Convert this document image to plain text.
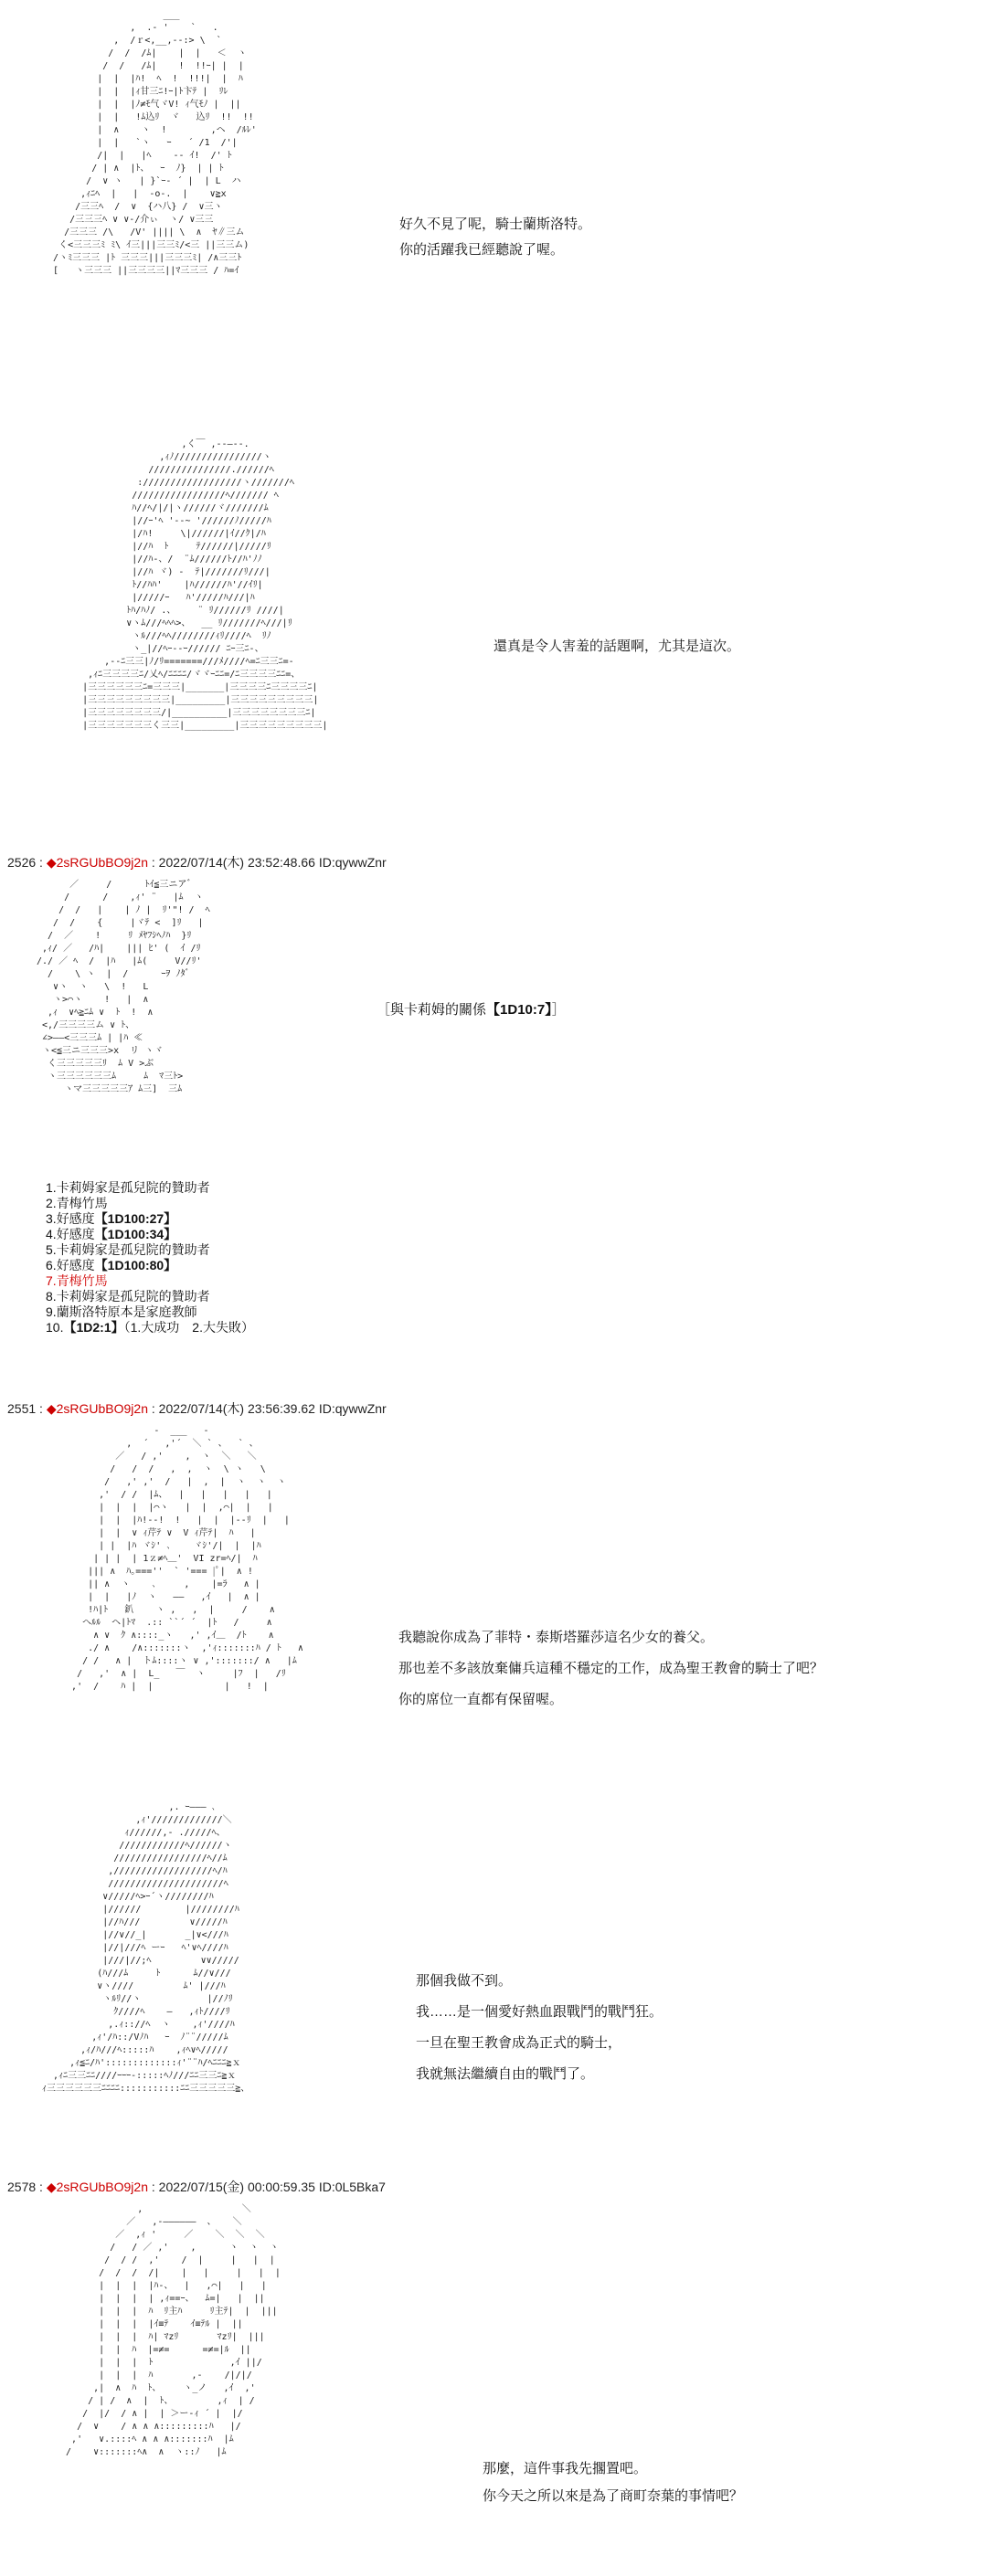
___
,  .- '    `   .
,  /ｒ<,__,--:> \  `
/  /  /ﾑ|    |  |   ＜  ヽ
/  /   /ﾑ|    !  !!ｰ| |  |
|  |  |ﾊ!  ﾍ  !  !!!|  |  ﾊ
|  |  |ｨ甘三ﾆ!ｰ|ﾄ卞ﾃ |  ﾘﾚ
|  |  |ﾉ≠ﾓ气ヾV! ｨ气ﾓﾉ |  ||
|  |   !ﾑ込ﾘ  ヾ   込ﾘ  !!  !!
|  ∧    ヽ  !        ,ヘ  /ﾙﾚ'
|  |   `ヽ   ｰ   ´ /1  /'|
/|  |   |ﾍ    -- ｲ!  /' ﾄ
/ | ∧  |ﾄ、  ｰ  ﾉ}  | | ﾄ
/  ∨ ヽ   | }`ｰ- ´ |  | L  ハ
,ｨﾆﾍ  |   |  -o-.  |    ∨≧x
/三三ﾍ  /  ∨  {ハ八} /  ∨三ヽ
/三三三ﾍ ∨ ∨-/介ぃ  ヽ/ ∨三三
/三三三 /\   /V' |||| \  ∧  ﾔ∥三ム
く<三三三ﾐ ﾐ\ ｲ三|||三三ﾐ/<三 ||三三ム)
/ヽﾐ三三三 |ﾄ 三三三|||三三三ﾐ| /∧三三ﾄ
[   ヽ三三三 ||三三三三||ﾏ三三三 / ﾊ=ｲ

好久不見了呢，騎士蘭斯洛特。

你的活躍我已經聽說了喔。

,く￣ ,--―--.
,ｨﾉ////////////////ヽ
///////////////.//////ﾍ
://////////////////ヽ///////ﾍ
/////////////////ﾍ/////// ﾍ
ﾊ//ﾍ/|/|ヽ//////ヾ///////ﾑ
|//ｰ'ﾍ '--~ '//////ﾉ/////ﾊ
|/ﾊ!     \|//////|ｲ//ｸ|/ﾊ
|//ﾊ  ﾄ     ﾃ//////|/////ﾘ
|//ﾊ-、/  ¨ﾑ//////ﾄ//ﾊ'ﾉﾉ
|//ﾊ ヾ) ‐  ﾃ|///////ﾘ///|
ﾄ//ﾊﾊ'    |ﾊ//////ﾊ'//ｲﾘ|
|/////ｰ   ﾊ'/////ﾊ///|ﾊ
ﾄﾊ/ﾊﾉ/ .、    ¨ ﾘ//////ﾘ ////|
∨ヽﾑ///ﾍﾍﾍ>、  __ ﾘ///////ﾍ///|ﾘ
ヽﾙ///ﾍﾍ////////ｨﾘ////ﾍ  ﾘﾉ
ヽ_|//ﾍｰ--ｰ////// ﾆｰ三ﾆ-、
,--ﾆ三三|ﾉ/ﾘ=======///ﾒ////ﾍ=ﾆ三三ﾆ=-
,ｨﾆ三三三三ﾆ/乂ﾍ/ﾆﾆﾆﾆ/ヾヾｰﾆﾆ=/ﾆ三三三三ﾆﾆ=、
|三三三三三三ﾆ=三三三|_______|三三三三ﾆ三三三三ﾆ|
|三三三三三三三三三|_________|三三三三三三三三三|
|三三三三三三三三/|__________|三三三三三三三三ﾆ|
|三三三三三三三く三三|_________|三三三三三三三三三|

還真是令人害羞的話題啊，尤其是這次。

2526 : ◆2sRGUbBO9j2n : 2022/07/14(木) 23:52:48.66 ID:qywwZnr
／     /      ﾄｲ≦三ニア゛
/      /    ,ｨ' ¨   |ﾑ  ヽ
/  /   |    | ﾉ |  ﾘ'"! /  ﾍ
/  /    {     |ヾﾃ <  ]ﾘ   |
/  ／    !     ﾘ ﾒﾔﾌｼﾍﾉﾊ  }ﾘ
,ｨ/ ／   /ﾊ|    ||| ﾋ' (  ｲ /ﾘ
/./ ／ ﾍ  /  |ﾊ   |ﾑ(     V//ﾘ'
/    \ ヽ  |  /      ｰｦ ﾉﾀﾞ
∨ヽ  ヽ   \  !   L
ヽ>⌒ヽ    !   |  ∧
,ｨ  ∨ﾍ≧ﾆﾑ ∨  ﾄ  !  ∧
<,/三三三三ム ∨ ﾄ、
∠>――<三三三ﾑ | |ﾊ ≪
ヽ<≦三ニ三三三>x  リ ヽヾ
く三三三三三ﾘ  ﾑ V >ぶ
ヽ三三三三三三ﾑ     ﾑ  ﾏ三ﾄ>
ヽマ三三三三三ｱ ﾑ三]  三ﾑ
［與卡莉姆的關係【1D10:7】］

1.卡莉姆家是孤兒院的贊助者

2.青梅竹馬

3.好感度【1D100:27】

4.好感度【1D100:34】

5.卡莉姆家是孤兒院的贊助者

6.好感度【1D100:80】

7.青梅竹馬

8.卡莉姆家是孤兒院的贊助者

9.蘭斯洛特原本是家庭教師

10.【1D2:1】（1.大成功　2.大失敗）

2551 : ◆2sRGUbBO9j2n : 2022/07/14(木) 23:56:39.62 ID:qywwZnr
-  ___   -
,  ´   ,'´  ＼ ` 、  ` 、
／   / ,'    ,  ヽ  ＼   ＼
/   /  /   ,  ,  ヽ  \ ヽ   \
/   ,' ,'  /   |  ,  |  ヽ  ヽ  ヽ
,'  / /  |ﾑ、  |   |   |   |   |
|  |  |  |⌒ヽ   |  |  ,⌒|  |   |
|  |  |ﾊ!--!  !   |  |  |--ﾘ  |   |
|  |  ∨ ｨ芹ﾃ ∨  V ｨ芹ﾃ|  ﾊ   |
| |  |ﾊ ヾｼ' ､    ヾｼ'/|  |  |ﾊ
| | |  | 1ｚ≠ﾍ＿'  VI zr=ﾍ/|  ﾊ
||| ∧  ﾊ｡===''  ` '=== |ﾟ|  ∧ !
|| ∧  ヽ    ､     ,    |=ﾗ   ∧ |
|  |   |ﾉ  ヽ   ――   ,ｲ   |  ∧ |
!ﾊ|ﾄ   釟    ヽ ,   ,  |     /    ∧
へﾙﾙ  ヘ|ﾄﾏ  .:: ``´ ´  |ﾄ   /     ∧
∧ ∨  ｸ ∧::::_ヽ   ,' ,ｲ＿  /ﾄ    ∧
./ ∧    /∧:::::::ヽ  ,'ｨ:::::::ﾊ / ﾄ   ∧
/ /   ∧ |  トﾑ::::ヽ ∨ ,':::::::/ ∧   |ﾑ
/   ,'  ∧ |  L_   ￣  ヽ     |ﾌ  |   /ﾘ
,'  /    ﾊ |  |             |   !  |

我聽說你成為了菲特・泰斯塔羅莎這名少女的養父。

那也差不多該放棄傭兵這種不穩定的工作，成為聖王教會的騎士了吧？

你的席位一直都有保留喔。

,. ｰ――― ､
,ｨ'/////////////＼
ｨ//////,‐ ./////ﾍ、
////////////ﾍ//////ヽ
/////////////////ﾍ//ﾑ
,//////////////////ﾍ/ﾊ
/////////////////////ﾍ
∨/////ﾍ>ｰ´ヽ////////ﾊ
|//////        |////////ﾊ
|//ﾊ///         ∨/////ﾊ
|//∨//_|       _|∨<///ﾊ
|//|///ﾍ ーｰ   ﾍ'∨ﾍ////ﾊ
|///|//;ﾍ         ∨∨/////
(ﾊ///ﾑ     ﾄ      ﾑ//∨///
∨ヽ////         ﾑ' |///ﾊ
ヽﾙﾘ//ヽ            |//ﾉﾘ
ｸ////ﾍ    ―   ,ｨﾄ////ﾘ
,.ｨ:://ﾍ  ヽ    ,ｨ'////ﾊ
,ｨ'/ﾊ::/Vﾉﾊ   ｰ  ﾉ¨¨/////ﾑ
,ｨ/ﾊ///ﾍ:::::ﾊ    ,ｨﾍ∨ﾍ/////
,ｨ≦ﾆ/ﾊ':::::::::::::ｨ'¨¨ﾊ/ﾍﾆﾆﾆ≧ｘ
,ｨﾆ三三ﾆﾆ////ｰｰｰ-:::::ﾍﾉ///ﾆﾆ三三ﾆ≧ｘ
ｨ三三三三三三ﾆﾆﾆﾆ:::::::::::ﾆﾆ三三三三三≧、

那個我做不到。

我……是一個愛好熱血跟戰鬥的戰鬥狂。

一旦在聖王教會成為正式的騎士，

我就無法繼續自由的戰鬥了。

2578 : ◆2sRGUbBO9j2n : 2022/07/15(金) 00:00:59.35 ID:0L5Bka7
,                  ＼
／   ,-――――――  、   ＼
／  ,ｨ '     ／    ＼  ＼  ＼
/   / ／ ,'    ,      ヽ  ヽ  ヽ
/  / /  ,'    /  |     |   |  |
/  /  /  /|    |   |     |   |  |
|  |  |  |ﾊ-、  |   ,⌒|   |   |
|  |  |  | ,ｨ==ｰ、  ﾑ=|   |  ||
|  |  |  ﾊ  ﾘ主ﾊ     ﾘ主ﾃ|  |  |||
|  |  |  |ｲ≡ﾃ    ｲ≡ﾃﾙ |  ||
|  |  |  ﾊ| ﾏzﾘ       ﾏzﾘ|  |||
|  |  ﾊ  |=≠=      =≠=|ﾙ  ||
|  |  |  ﾄ              ,ｲ ||/
|  |  |  ﾊ       ,-    /|/|/
,|  ∧  ﾊ  ﾄ、    ヽ_ノ   ,ｲ  ,'
/ | /  ∧  |  ﾄ、        ,ｨ  | /
/  |/  / ∧ |  | ＞ー-ｨ ´ |  |/
/  ∨    / ∧ ∧ ∧:::::::::ﾊ   |/
,'   ∨.::::ﾍ ∧ ∧ ∧:::::::ﾊ  |ﾑ
/    ∨:::::::ﾍ∧  ∧  ヽ::ﾉ   |ﾑ

那麼，這件事我先擱置吧。

你今天之所以來是為了商町奈葉的事情吧？
